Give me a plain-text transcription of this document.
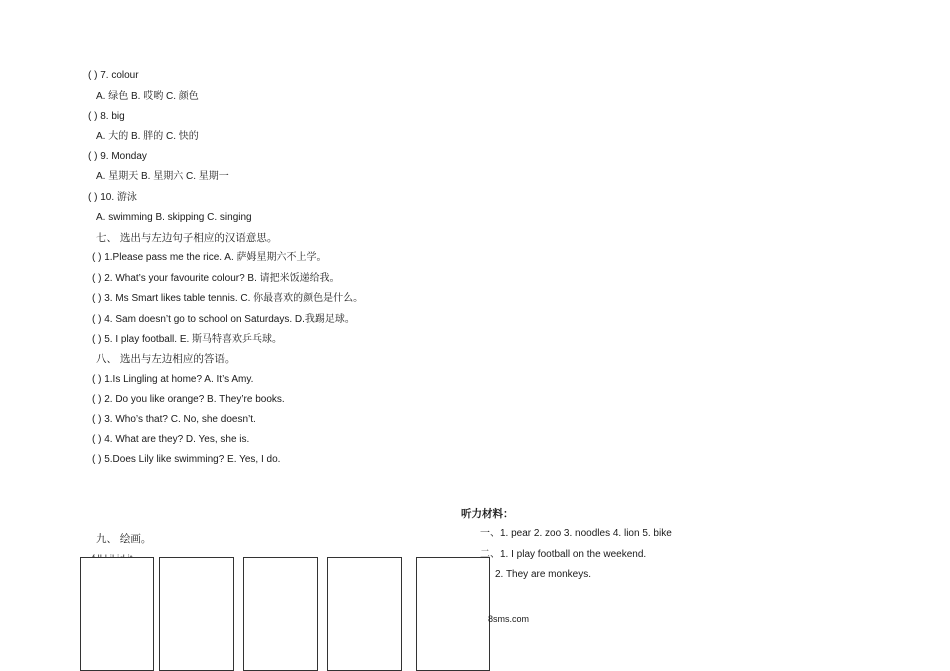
( ) 7. colour
A. 绿色 B. 哎哟 C. 颜色
( ) 8. big
A. 大的 B. 胖的 C. 快的
( ) 9. Monday
A. 星期天 B. 星期六 C. 星期一
( ) 10. 游泳
A. swimming B. skipping C. singing
七、 选出与左边句子相应的汉语意思。
( ) 1.Please pass me the rice. A. 萨姆星期六不上学。
( ) 2. What’s your favourite colour? B. 请把米饭递给我。
( ) 3. Ms Smart likes table tennis. C. 你最喜欢的颜色是什么。
( ) 4. Sam doesn’t go to school on Saturdays. D.我踢足球。
( ) 5. I play football. E. 斯马特喜欢乒乓球。
八、 选出与左边相应的答语。
( ) 1.Is Lingling at home? A. It’s Amy.
( ) 2. Do you like orange? B. They’re books.
( ) 3. Who’s that? C. No, she doesn’t.
( ) 4. What are they? D. Yes, she is.
( ) 5.Does Lily like swimming? E. Yes, I do.
九、 绘画。
听力材料：
一、1. pear 2. zoo 3. noodles 4. lion 5. bike
二、1. I play football on the weekend.
2. They are monkeys.
8sms.com
